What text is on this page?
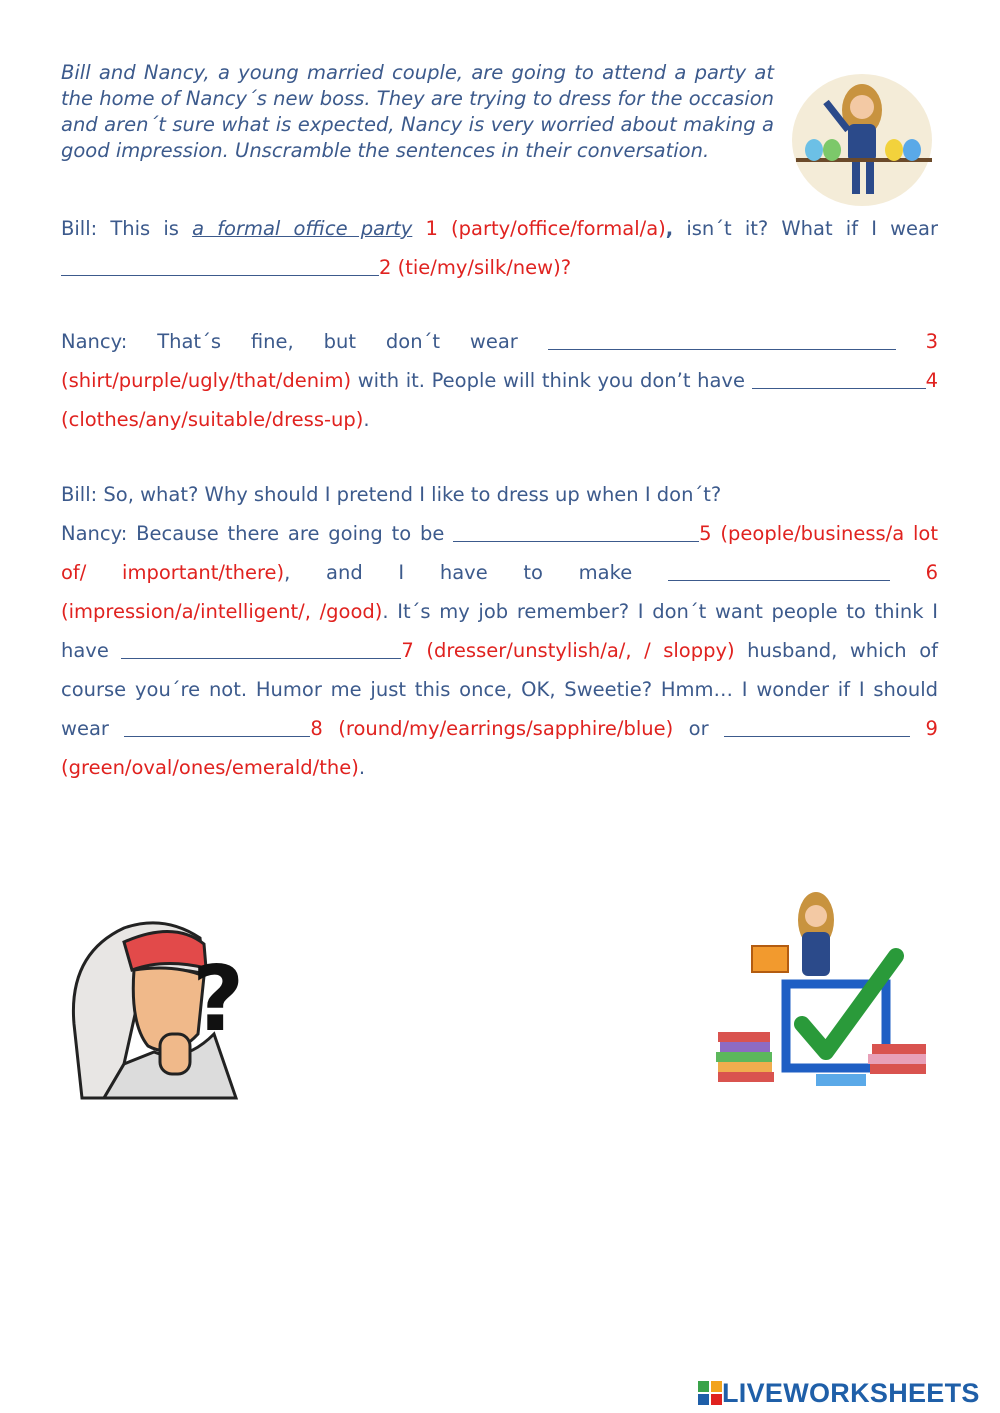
Bill and Nancy, a young married couple, are going to attend a party at the home of Nancy´s new boss. They are trying to dress for the occasion and aren´t sure what is expected, Nancy is very worried about making a good impression. Unscramble the sentences in their conversation.
Bill: This is a formal office party 1 (party/office/formal/a), isn´t it? What if I wear 2 (tie/my/silk/new)?
Nancy: That´s fine, but don´t wear	3 (shirt/purple/ugly/that/denim) with it. People will think you don’t have	4 (clothes/any/suitable/dress-up).
Bill: So, what? Why should I pretend I like to dress up when I don´t?
Nancy: Because there are going to be	5 (people/business/a lot of/ important/there), and I have to make	6 (impression/a/intelligent/, /good). It´s my job remember? I don´t want people to think I have	7 (dresser/unstylish/a/, / sloppy) husband, which of course you´re not. Humor me just this once, OK, Sweetie? Hmm… I wonder if I should wear	8 (round/my/earrings/sapphire/blue) or	9 (green/oval/ones/emerald/the).
?
LIVEWORKSHEETS
